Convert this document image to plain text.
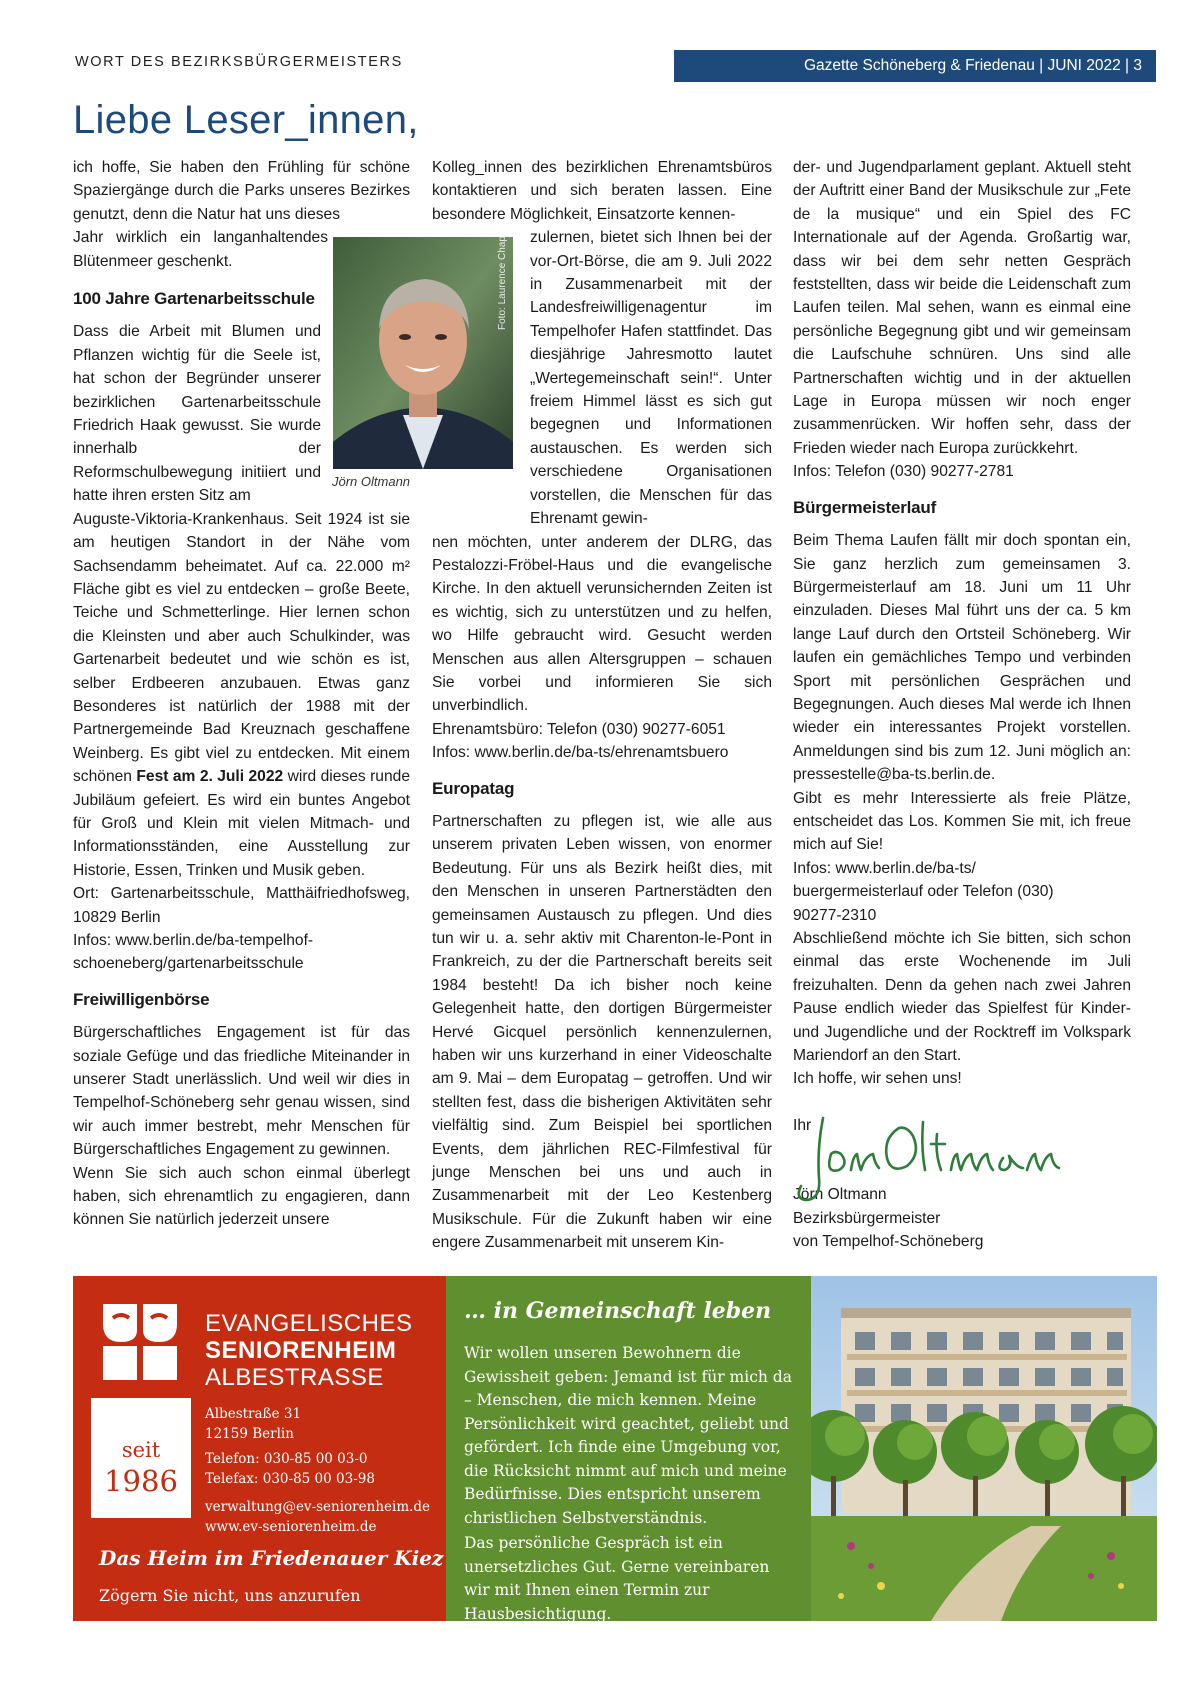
WORT DES BEZIRKSBÜRGERMEISTERS	Gazette Schöneberg & Friedenau | JUNI 2022 | 3
Liebe Leser_innen,

ich hoffe, Sie haben den Frühling für schöne Spaziergänge durch die Parks unseres Bezirkes genutzt, denn die Natur hat uns dieses

Jahr wirklich ein langanhaltendes Blütenmeer geschenkt.

100 Jahre Gartenarbeitsschule

Dass die Arbeit mit Blumen und Pflanzen wichtig für die Seele ist, hat schon der Begründer unserer bezirklichen Gartenarbeitsschule Friedrich Haak gewusst. Sie wurde innerhalb der Reformschulbewegung initiiert und hatte ihren ersten Sitz am

Auguste-Viktoria-Krankenhaus. Seit 1924 ist sie am heutigen Standort in der Nähe vom Sachsendamm beheimatet. Auf ca. 22.000 m² Fläche gibt es viel zu entdecken – große Beete, Teiche und Schmetterlinge. Hier lernen schon die Kleinsten und aber auch Schulkinder, was Gartenarbeit bedeutet und wie schön es ist, selber Erdbeeren anzubauen. Etwas ganz Besonderes ist natürlich der 1988 mit der Partnergemeinde Bad Kreuznach geschaffene Weinberg. Es gibt viel zu entdecken. Mit einem schönen Fest am 2. Juli 2022 wird dieses runde Jubiläum gefeiert. Es wird ein buntes Angebot für Groß und Klein mit vielen Mitmach- und Informationsständen, eine Ausstellung zur Historie, Essen, Trinken und Musik geben.

Ort: Gartenarbeitsschule, Matthäifriedhofsweg, 10829 Berlin

Infos: www.berlin.de/ba-tempelhof-schoeneberg/gartenarbeitsschule

Freiwilligenbörse

Bürgerschaftliches Engagement ist für das soziale Gefüge und das friedliche Miteinander in unserer Stadt unerlässlich. Und weil wir dies in Tempelhof-Schöneberg sehr genau wissen, sind wir auch immer bestrebt, mehr Menschen für Bürgerschaftliches Engagement zu gewinnen.

Wenn Sie sich auch schon einmal überlegt haben, sich ehrenamtlich zu engagieren, dann können Sie natürlich jederzeit unsere

Foto: Laurence Chaperon
Jörn Oltmann

Kolleg_innen des bezirklichen Ehrenamtsbüros kontaktieren und sich beraten lassen. Eine besondere Möglichkeit, Einsatzorte kennen-

zulernen, bietet sich Ihnen bei der vor-Ort-Börse, die am 9. Juli 2022 in Zusammenarbeit mit der Landesfreiwilligenagentur im Tempelhofer Hafen stattfindet. Das diesjährige Jahresmotto lautet „Wertegemeinschaft sein!“. Unter freiem Himmel lässt es sich gut begegnen und Informationen austauschen. Es werden sich verschiedene Organisationen vorstellen, die Menschen für das Ehrenamt gewin-

nen möchten, unter anderem der DLRG, das Pestalozzi-Fröbel-Haus und die evangelische Kirche. In den aktuell verunsichernden Zeiten ist es wichtig, sich zu unterstützen und zu helfen, wo Hilfe gebraucht wird. Gesucht werden Menschen aus allen Altersgruppen – schauen Sie vorbei und informieren Sie sich unverbindlich.

Ehrenamtsbüro: Telefon (030) 90277-6051

Infos: www.berlin.de/ba-ts/ehrenamtsbuero

Europatag

Partnerschaften zu pflegen ist, wie alle aus unserem privaten Leben wissen, von enormer Bedeutung. Für uns als Bezirk heißt dies, mit den Menschen in unseren Partnerstädten den gemeinsamen Austausch zu pflegen. Und dies tun wir u. a. sehr aktiv mit Charenton-le-Pont in Frankreich, zu der die Partnerschaft bereits seit 1984 besteht! Da ich bisher noch keine Gelegenheit hatte, den dortigen Bürgermeister Hervé Gicquel persönlich kennenzulernen, haben wir uns kurzerhand in einer Videoschalte am 9. Mai – dem Europatag – getroffen. Und wir stellten fest, dass die bisherigen Aktivitäten sehr vielfältig sind. Zum Beispiel bei sportlichen Events, dem jährlichen REC-Filmfestival für junge Menschen bei uns und auch in Zusammenarbeit mit der Leo Kestenberg Musikschule. Für die Zukunft haben wir eine engere Zusammenarbeit mit unserem Kin-

der- und Jugendparlament geplant. Aktuell steht der Auftritt einer Band der Musikschule zur „Fete de la musique“ und ein Spiel des FC Internationale auf der Agenda. Großartig war, dass wir bei dem sehr netten Gespräch feststellten, dass wir beide die Leidenschaft zum Laufen teilen. Mal sehen, wann es einmal eine persönliche Begegnung gibt und wir gemeinsam die Laufschuhe schnüren. Uns sind alle Partnerschaften wichtig und in der aktuellen Lage in Europa müssen wir noch enger zusammenrücken. Wir hoffen sehr, dass der Frieden wieder nach Europa zurückkehrt.

Infos: Telefon (030) 90277-2781

Bürgermeisterlauf

Beim Thema Laufen fällt mir doch spontan ein, Sie ganz herzlich zum gemeinsamen 3. Bürgermeisterlauf am 18. Juni um 11 Uhr einzuladen. Dieses Mal führt uns der ca. 5 km lange Lauf durch den Ortsteil Schöneberg. Wir laufen ein gemächliches Tempo und verbinden Sport mit persönlichen Gesprächen und Begegnungen. Auch dieses Mal werde ich Ihnen wieder ein interessantes Projekt vorstellen. Anmeldungen sind bis zum 12. Juni möglich an: pressestelle@ba-ts.berlin.de.

Gibt es mehr Interessierte als freie Plätze, entscheidet das Los. Kommen Sie mit, ich freue mich auf Sie!

Infos: www.berlin.de/ba-ts/
buergermeisterlauf oder Telefon (030)
90277-2310

Abschließend möchte ich Sie bitten, sich schon einmal das erste Wochenende im Juli freizuhalten. Denn da gehen nach zwei Jahren Pause endlich wieder das Spielfest für Kinder-und Jugendliche und der Rocktreff im Volkspark Mariendorf an den Start.

Ich hoffe, wir sehen uns!

Ihr

Jörn Oltmann

Bezirksbürgermeister

von Tempelhof-Schöneberg

EVANGELISCHES
SENIORENHEIM
ALBESTRASSE
seit
1986
Albestraße 31
12159 Berlin
Telefon: 030-85 00 03-0
Telefax: 030-85 00 03-98
verwaltung@ev-seniorenheim.de
www.ev-seniorenheim.de
Das Heim im Friedenauer Kiez
Zögern Sie nicht, uns anzurufen
… in Gemeinschaft leben
Wir wollen unseren Bewohnern die Gewissheit geben: Jemand ist für mich da – Menschen, die mich kennen. Meine Persönlichkeit wird geachtet, geliebt und gefördert. Ich finde eine Umgebung vor, die Rücksicht nimmt auf mich und meine Bedürfnisse. Dies entspricht unserem christlichen Selbstverständnis.
Das persönliche Gespräch ist ein unersetzliches Gut. Gerne vereinbaren wir mit Ihnen einen Termin zur Hausbesichtigung.
